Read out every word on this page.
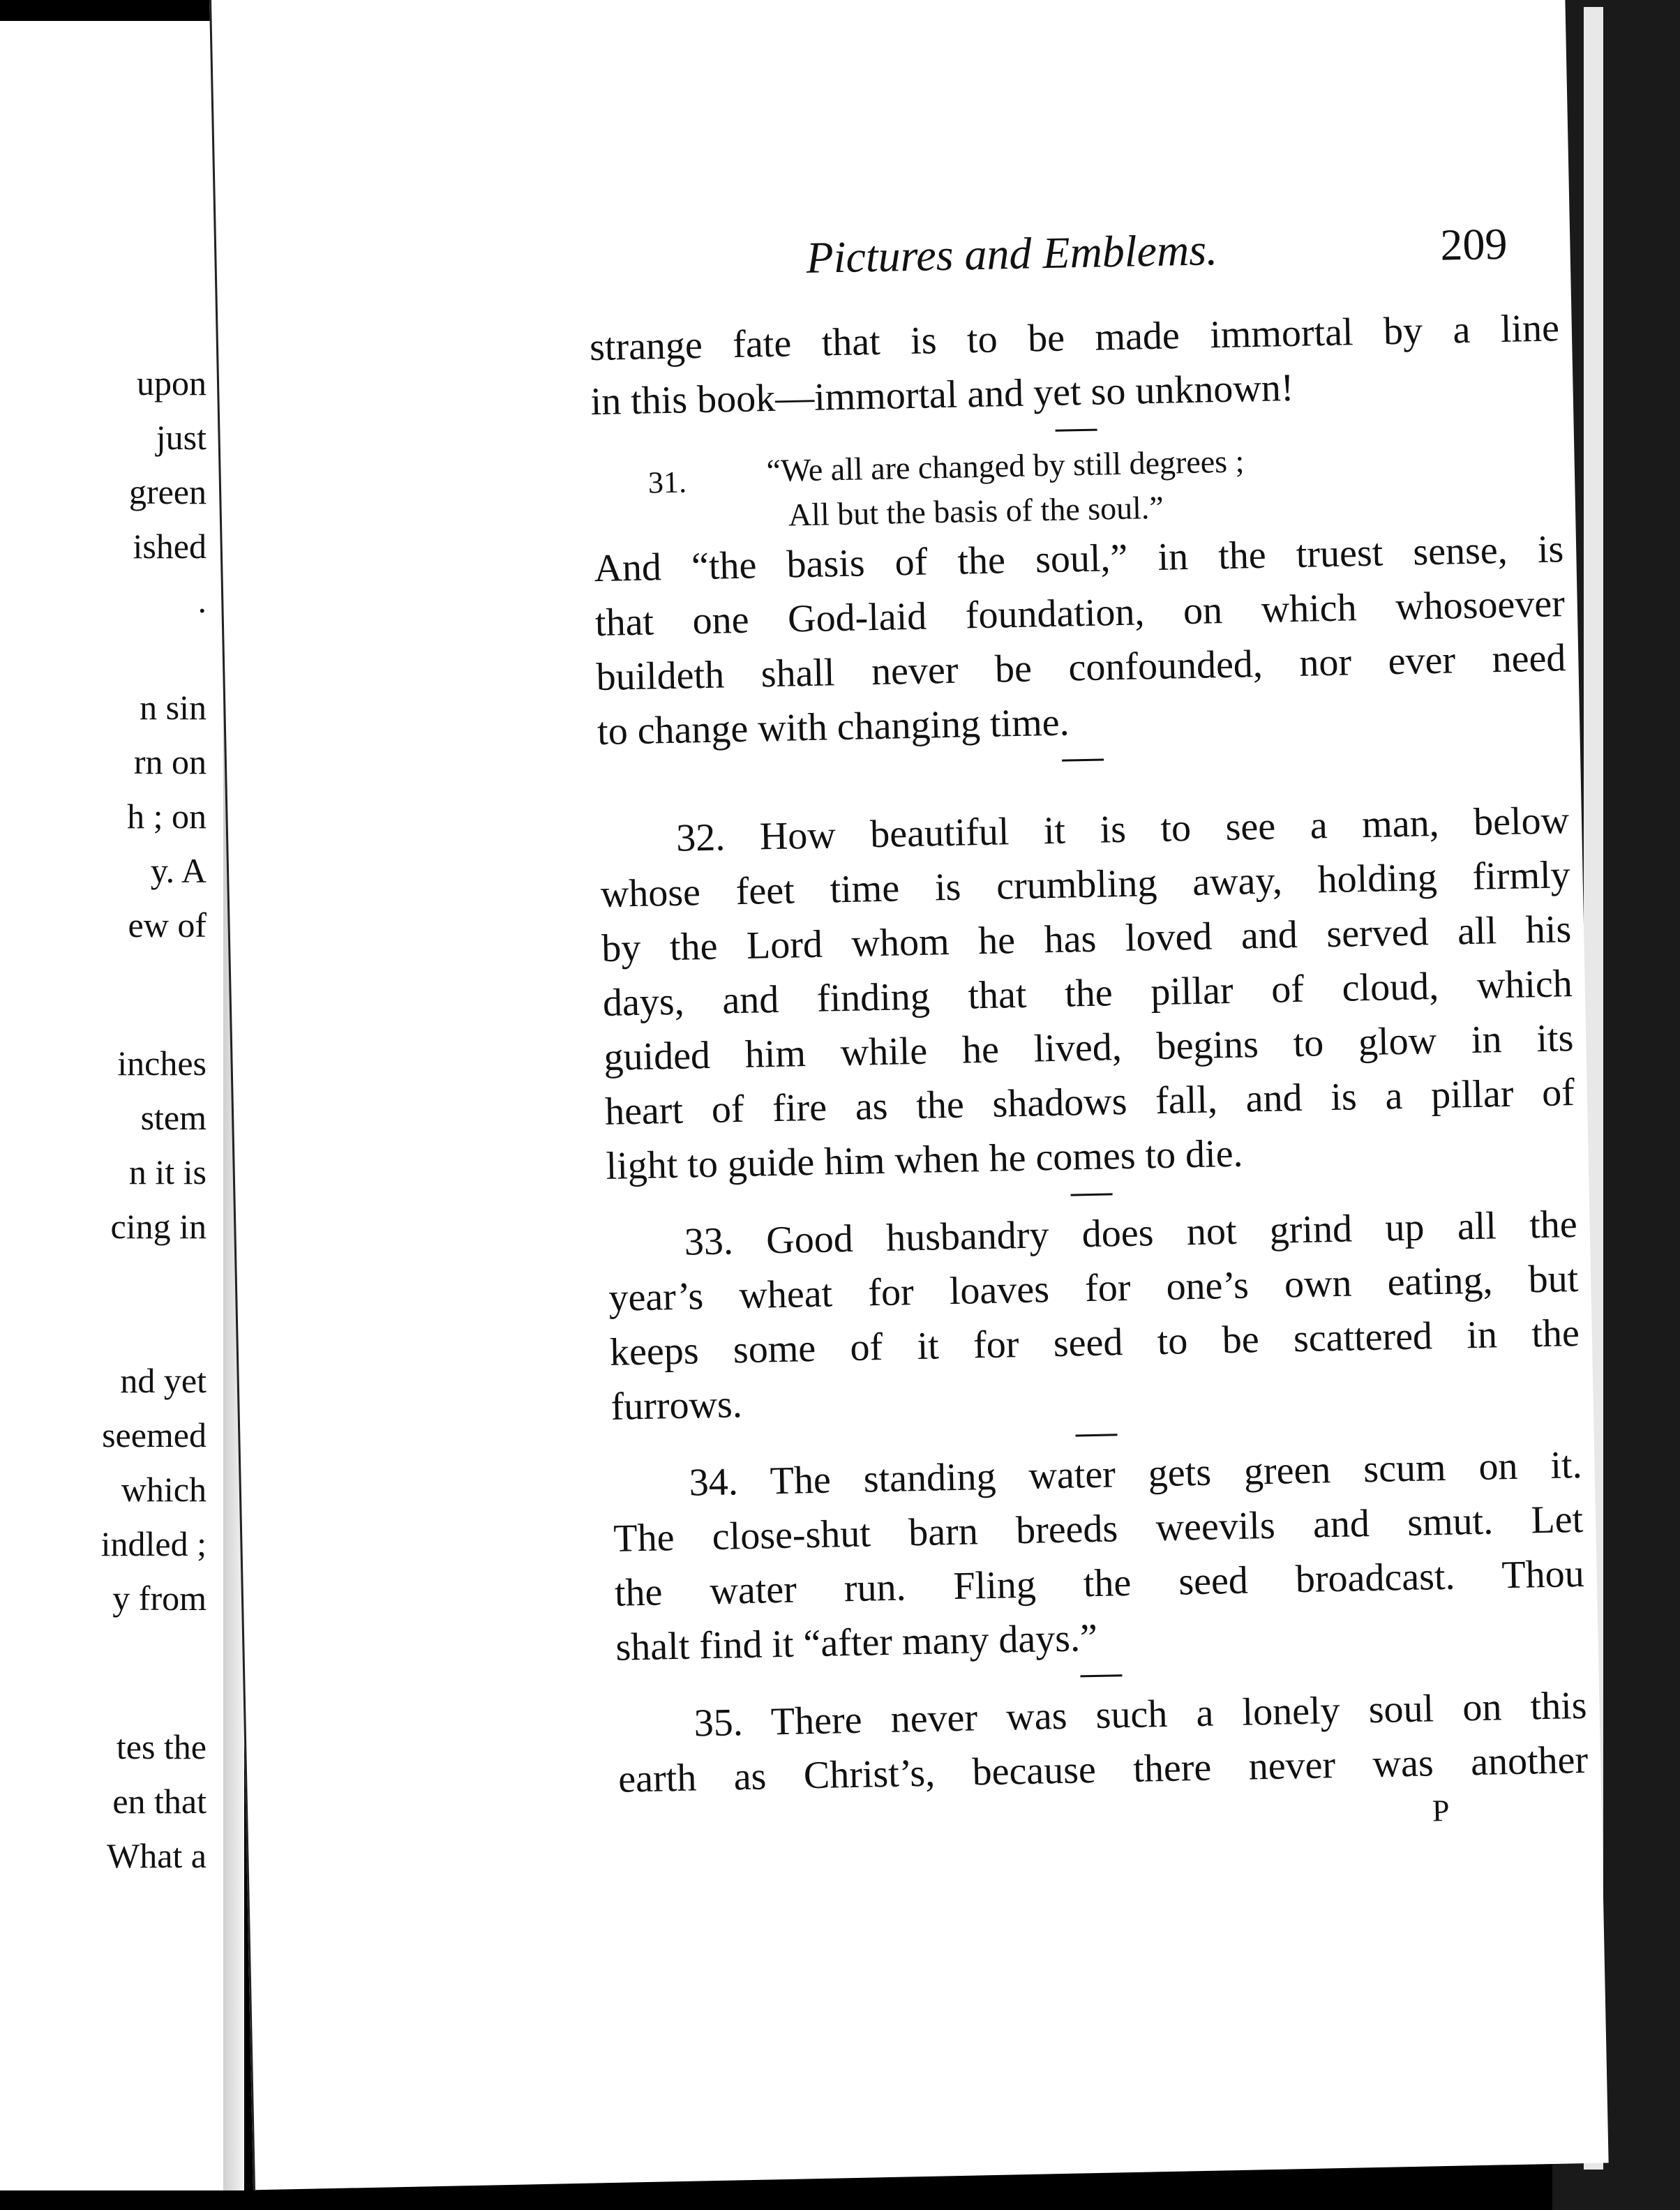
upon
just
green
ished
.
n sin
rn on
h ; on
y. A
ew of
inches
stem
n it is
cing in
nd yet
seemed
which
indled ;
y from
tes the
en that
What a
Pictures and Emblems.	209
strange fate that is to be made immortal by a line
in this book—immortal and yet so unknown!
31.	“We all are changed by still degrees ;
All but the basis of the soul.”
And “the basis of the soul,” in the truest sense, is
that one God-laid foundation, on which whosoever
buildeth shall never be confounded, nor ever need
to change with changing time.
32. How beautiful it is to see a man, below
whose feet time is crumbling away, holding firmly
by the Lord whom he has loved and served all his
days, and finding that the pillar of cloud, which
guided him while he lived, begins to glow in its
heart of fire as the shadows fall, and is a pillar of
light to guide him when he comes to die.
33. Good husbandry does not grind up all the
year’s wheat for loaves for one’s own eating, but
keeps some of it for seed to be scattered in the
furrows.
34. The standing water gets green scum on it.
The close-shut barn breeds weevils and smut. Let
the water run. Fling the seed broadcast. Thou
shalt find it “after many days.”
35. There never was such a lonely soul on this
earth as Christ’s, because there never was another
P
